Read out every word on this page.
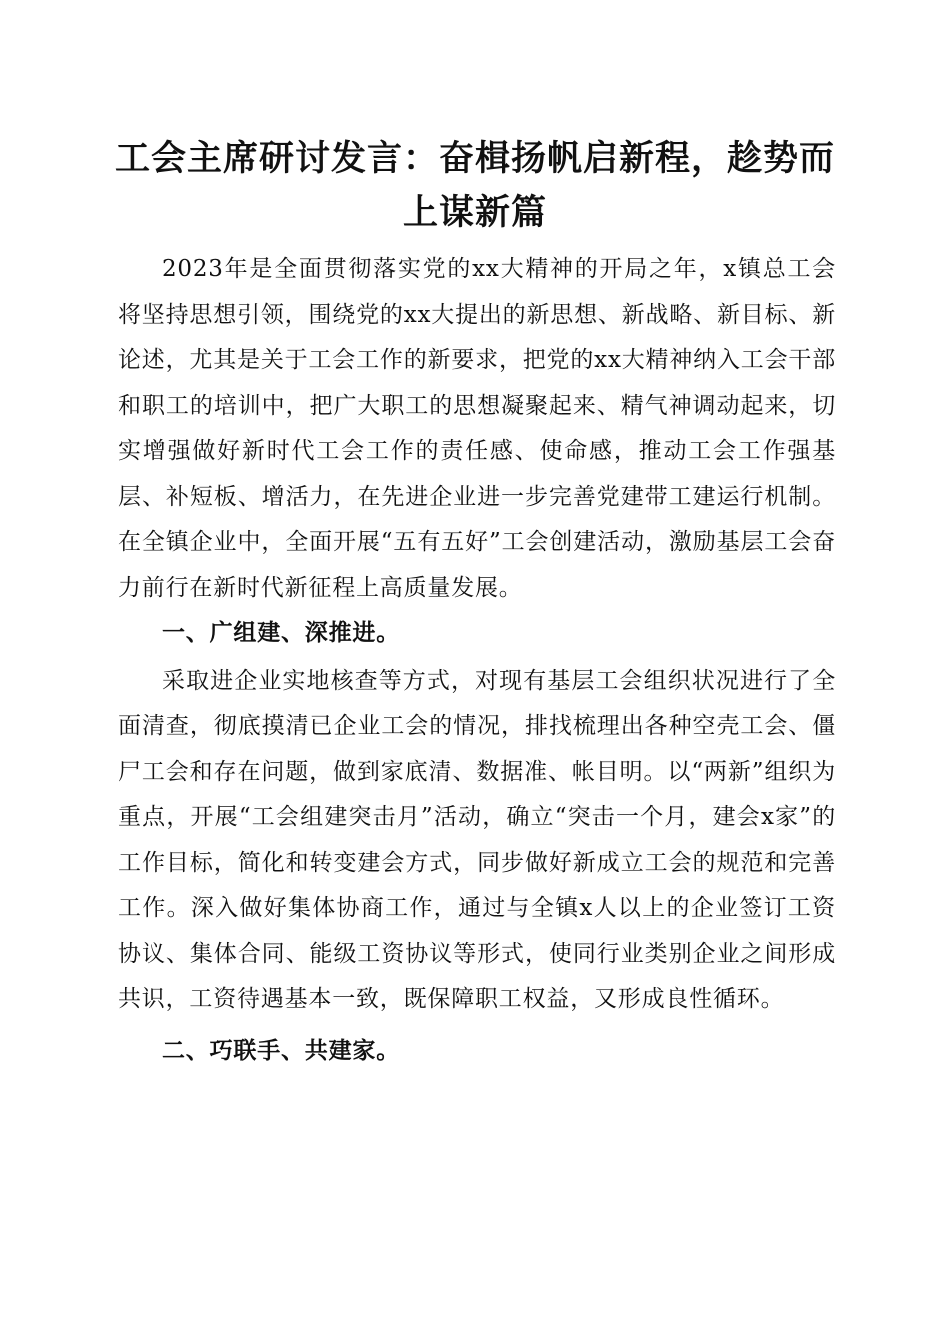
工会主席研讨发言：奋楫扬帆启新程，趁势而上谋新篇

2023年是全面贯彻落实党的xx大精神的开局之年，x镇总工会将坚持思想引领，围绕党的xx大提出的新思想、新战略、新目标、新论述，尤其是关于工会工作的新要求，把党的xx大精神纳入工会干部和职工的培训中，把广大职工的思想凝聚起来、精气神调动起来，切实增强做好新时代工会工作的责任感、使命感，推动工会工作强基层、补短板、增活力，在先进企业进一步完善党建带工建运行机制。在全镇企业中，全面开展“五有五好”工会创建活动，激励基层工会奋力前行在新时代新征程上高质量发展。

一、广组建、深推进。

采取进企业实地核查等方式，对现有基层工会组织状况进行了全面清查，彻底摸清已企业工会的情况，排找梳理出各种空壳工会、僵尸工会和存在问题，做到家底清、数据准、帐目明。以“两新”组织为重点，开展“工会组建突击月”活动，确立“突击一个月，建会x家”的工作目标，简化和转变建会方式，同步做好新成立工会的规范和完善工作。深入做好集体协商工作，通过与全镇x人以上的企业签订工资协议、集体合同、能级工资协议等形式，使同行业类别企业之间形成共识，工资待遇基本一致，既保障职工权益，又形成良性循环。

二、巧联手、共建家。
